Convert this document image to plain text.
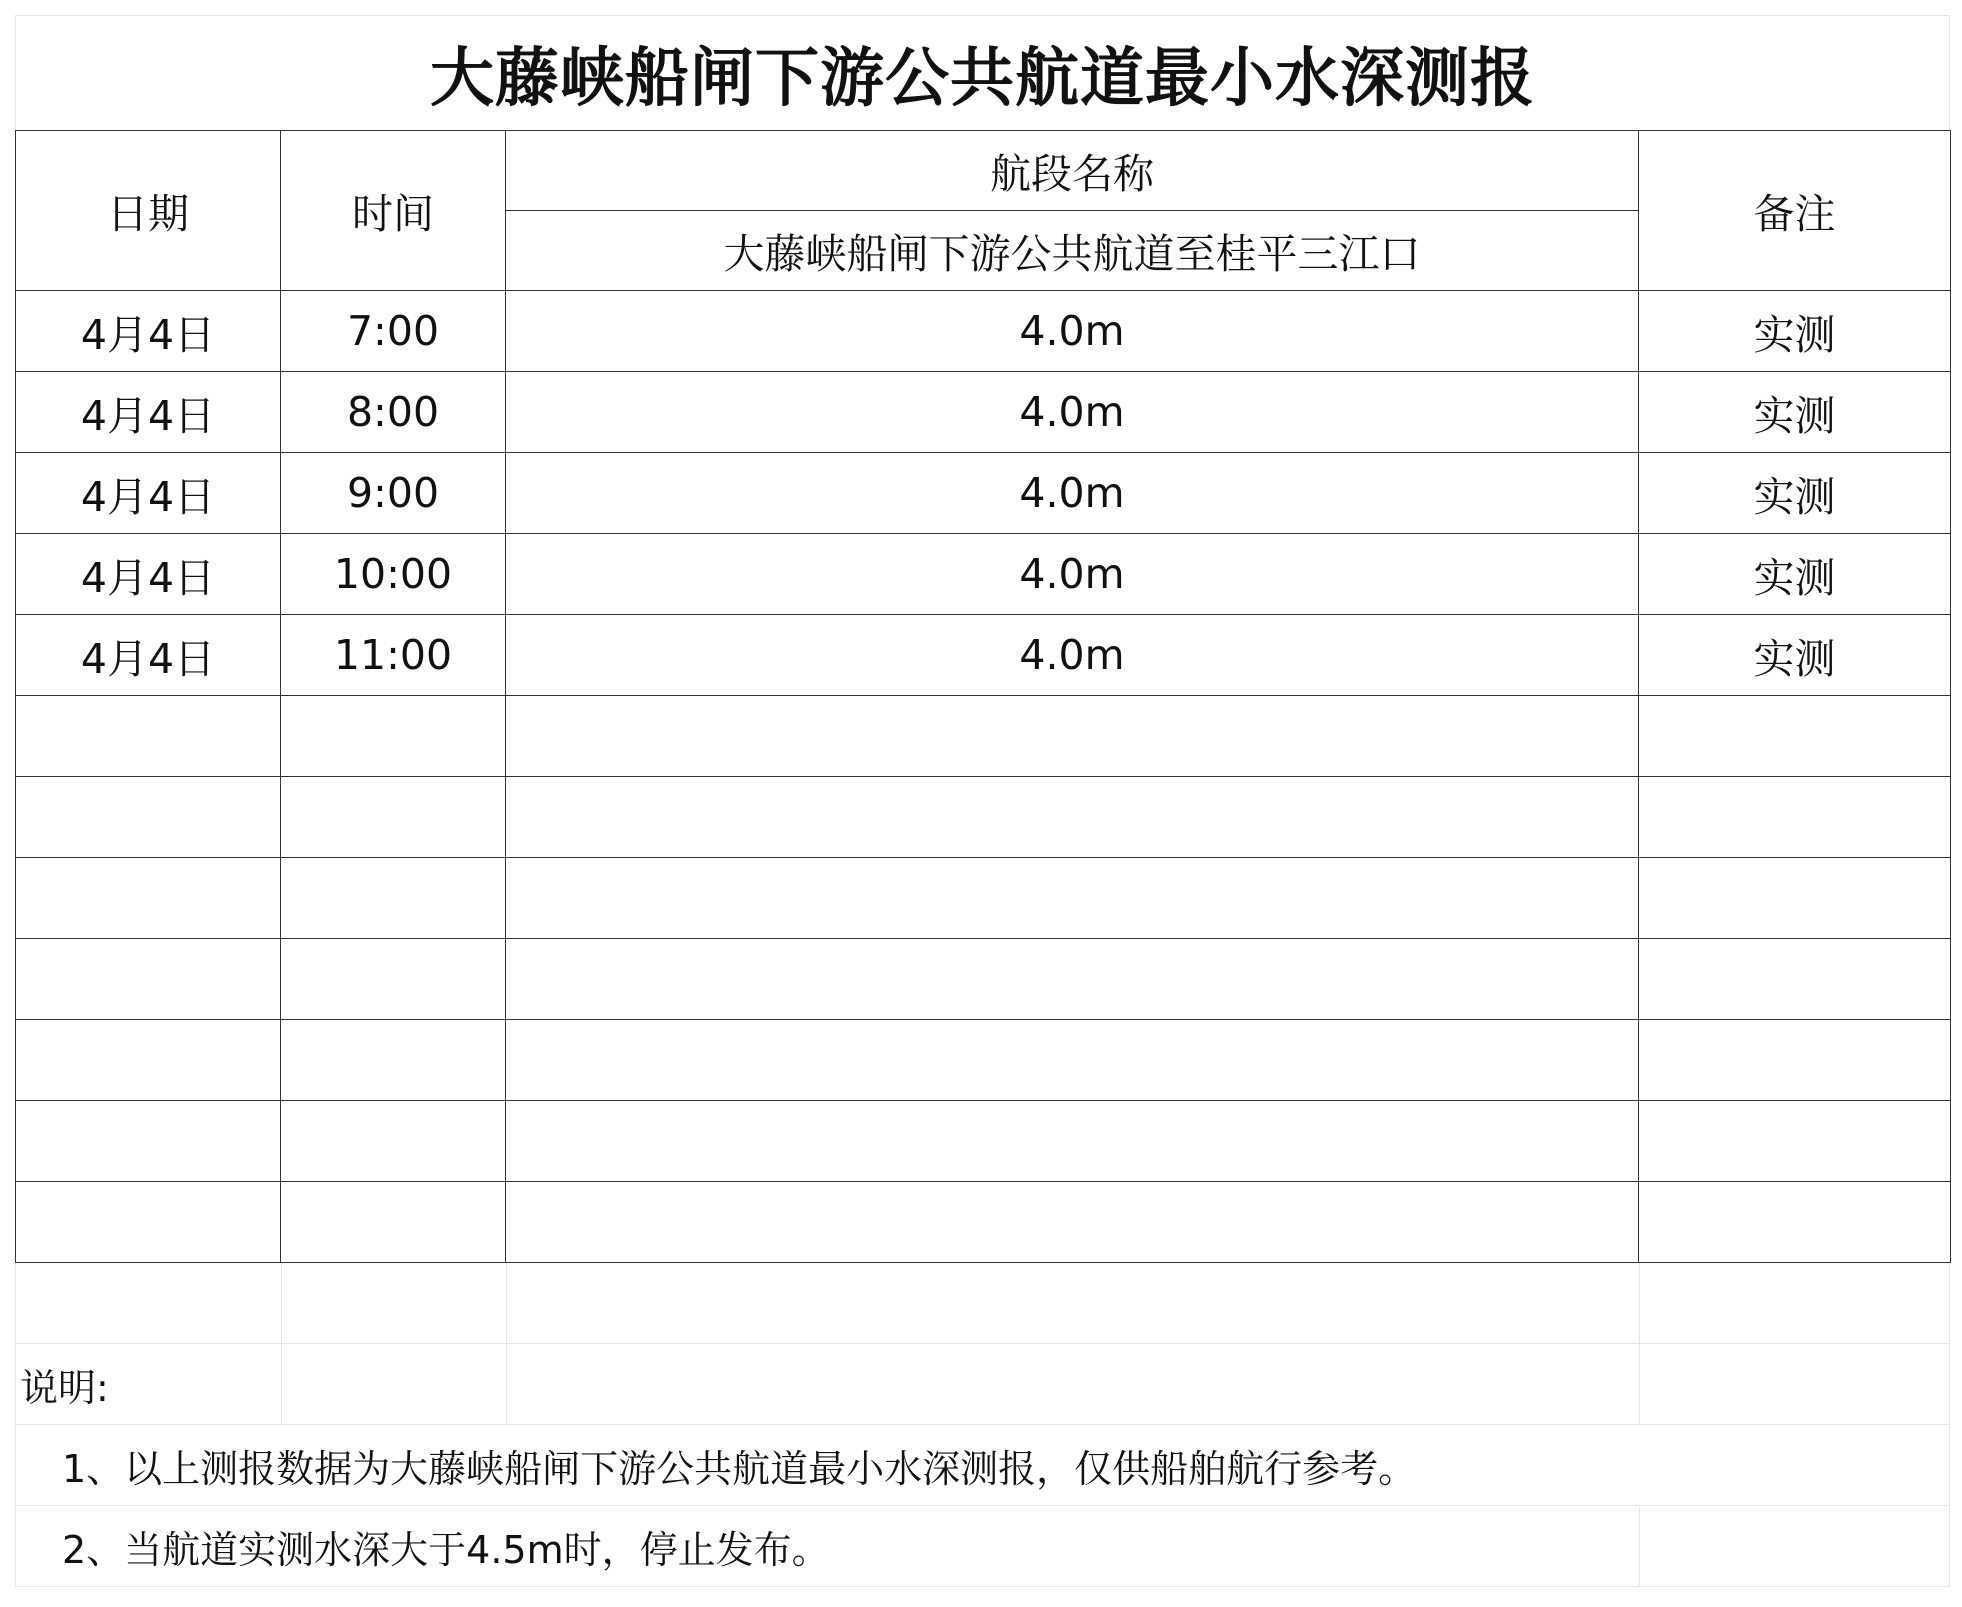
大藤峡船闸下游公共航道最小水深测报
日期	时间	航段名称	备注
		大藤峡船闸下游公共航道至桂平三江口	
4月4日	7:00	4.0m	实测
4月4日	8:00	4.0m	实测
4月4日	9:00	4.0m	实测
4月4日	10:00	4.0m	实测
4月4日	11:00	4.0m	实测

说明:
1、以上测报数据为大藤峡船闸下游公共航道最小水深测报，仅供船舶航行参考。
2、当航道实测水深大于4.5m时，停止发布。
